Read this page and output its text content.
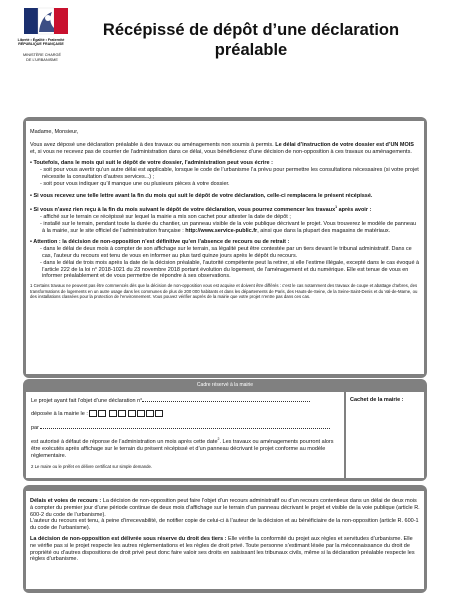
Liberté • Égalité • Fraternité
RÉPUBLIQUE FRANÇAISE
MINISTÈRE CHARGÉ
DE L'URBANISME
Récépissé de dépôt d’une déclaration
préalable

Madame, Monsieur,

Vous avez déposé une déclaration préalable à des travaux ou aménagements non soumis à permis. Le délai d’instruction de votre dossier est d’UN MOIS et, si vous ne recevez pas de courrier de l’administration dans ce délai, vous bénéficierez d’une décision de non-opposition à ces travaux ou aménagements.

• Toutefois, dans le mois qui suit le dépôt de votre dossier, l’administration peut vous écrire :

- soit pour vous avertir qu’un autre délai est applicable, lorsque le code de l’urbanisme l’a prévu pour permettre les consultations nécessaires (si votre projet nécessite la consultation d’autres services...) ;

- soit pour vous indiquer qu’il manque une ou plusieurs pièces à votre dossier.

• Si vous recevez une telle lettre avant la fin du mois qui suit le dépôt de votre déclaration, celle-ci remplacera le présent récépissé.

• Si vous n’avez rien reçu à la fin du mois suivant le dépôt de votre déclaration, vous pourrez commencer les travaux$^1$ après avoir :

- affiché sur le terrain ce récépissé sur lequel la mairie a mis son cachet pour attester la date de dépôt ;

- installé sur le terrain, pendant toute la durée du chantier, un panneau visible de la voie publique décrivant le projet. Vous trouverez le modèle de panneau à la mairie, sur le site officiel de l’administration française : http://www.service-public.fr, ainsi que dans la plupart des magasins de matériaux.

• Attention : la décision de non-opposition n’est définitive qu’en l’absence de recours ou de retrait :

- dans le délai de deux mois à compter de son affichage sur le terrain, sa légalité peut être contestée par un tiers devant le tribunal administratif. Dans ce cas, l’auteur du recours est tenu de vous en informer au plus tard quinze jours après le dépôt du recours.

- dans le délai de trois mois après la date de la décision préalable, l’autorité compétente peut la retirer, si elle l’estime illégale, excepté dans le cas évoqué à l’article 222 de la loi n° 2018-1021 du 23 novembre 2018 portant évolution du logement, de l’aménagement et du numérique. Elle est tenue de vous en informer préalablement et de vous permettre de répondre à ses observations.

1 Certains travaux ne peuvent pas être commencés dès que la décision de non-opposition vous est acquise et doivent être différés : c’est le cas notamment des travaux de coupe et abattage d’arbres, des transformations de logements en un autre usage dans les communes de plus de 200 000 habitants et dans les départements de Paris, des Hauts-de-Seine, de la Seine-Saint-Denis et du Val-de-Marne, ou des installations classées pour la protection de l’environnement. Vous pouvez vérifier auprès de la mairie que votre projet n’entre pas dans ces cas.

Cadre réservé à la mairie

Le projet ayant fait l’objet d’une déclaration n°

déposée à la mairie le :

par

est autorisé à défaut de réponse de l’administration un mois après cette date$^2$. Les travaux ou aménagements pourront alors être exécutés après affichage sur le terrain du présent récépissé et d’un panneau décrivant le projet conforme au modèle réglementaire.

2 Le maire ou le préfet en délivre certificat sur simple demande.

Cachet de la mairie :

Délais et voies de recours : La décision de non-opposition peut faire l’objet d’un recours administratif ou d’un recours contentieux dans un délai de deux mois à compter du premier jour d’une période continue de deux mois d’affichage sur le terrain d’un panneau décrivant le projet et visible de la voie publique (article R. 600-2 du code de l’urbanisme).

L’auteur du recours est tenu, à peine d’irrecevabilité, de notifier copie de celui-ci à l’auteur de la décision et au bénéficiaire de la non-opposition (article R. 600-1 du code de l’urbanisme).

La décision de non-opposition est délivrée sous réserve du droit des tiers : Elle vérifie la conformité du projet aux règles et servitudes d’urbanisme. Elle ne vérifie pas si le projet respecte les autres réglementations et les règles de droit privé. Toute personne s’estimant lésée par la méconnaissance du droit de propriété ou d’autres dispositions de droit privé peut donc faire valoir ses droits en saisissant les tribunaux civils, même si la déclaration préalable respecte les règles d’urbanisme.
